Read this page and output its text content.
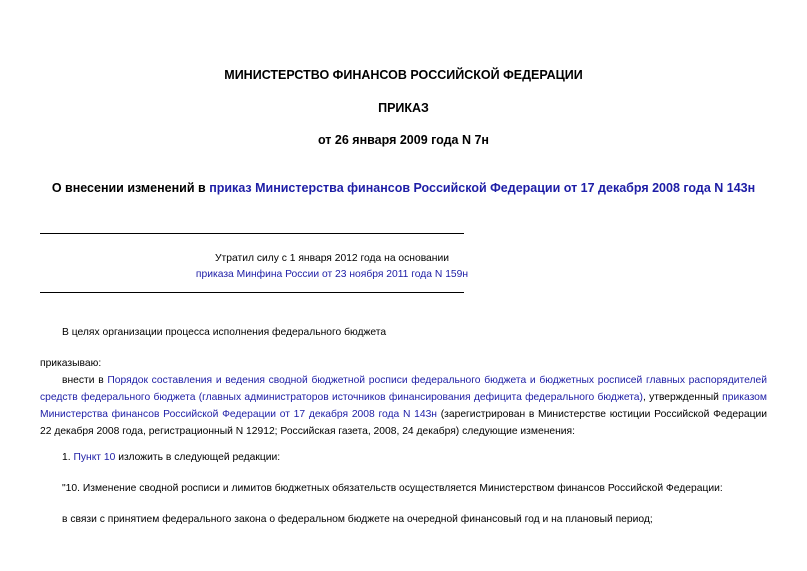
МИНИСТЕРСТВО ФИНАНСОВ РОССИЙСКОЙ ФЕДЕРАЦИИ
ПРИКАЗ
от 26 января 2009 года N 7н
О внесении изменений в приказ Министерства финансов Российской Федерации от 17 декабря 2008 года N 143н

Утратил силу с 1 января 2012 года на основании

приказа Минфина России от 23 ноября 2011 года N 159н

В целях организации процесса исполнения федерального бюджета

приказываю:

внести в Порядок составления и ведения сводной бюджетной росписи федерального бюджета и бюджетных росписей главных распорядителей средств федерального бюджета (главных администраторов источников финансирования дефицита федерального бюджета), утвержденный приказом Министерства финансов Российской Федерации от 17 декабря 2008 года N 143н (зарегистрирован в Министерстве юстиции Российской Федерации 22 декабря 2008 года, регистрационный N 12912; Российская газета, 2008, 24 декабря) следующие изменения:

1. Пункт 10 изложить в следующей редакции:

"10. Изменение сводной росписи и лимитов бюджетных обязательств осуществляется Министерством финансов Российской Федерации:

в связи с принятием федерального закона о федеральном бюджете на очередной финансовый год и на плановый период;
